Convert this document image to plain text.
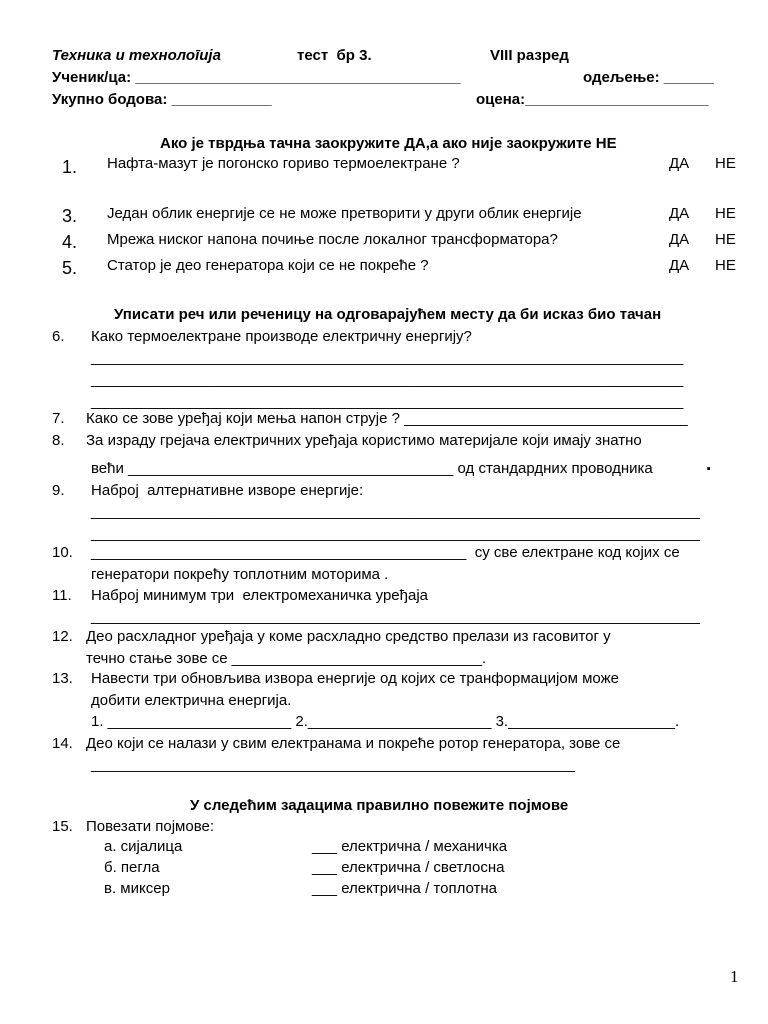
Техника и технолоīија	тест  бр 3.	VIII разред
Ученик/ца: _______________________________________	одељење: ______
Укупно бодова: ____________	оцена:______________________
Ако је тврдња тачна заокружите ДА,а ако није заокружите НЕ
1. Нафта-мазут је погонско гориво термоелектране ?	ДА НЕ
3. Један облик енергије се не може претворити у други облик енергије	ДА НЕ
4. Мрежа ниског напона почиње после локалног трансформатора?	ДА НЕ
5. Статор је део генератора који се не покреће ?	ДА НЕ
Уписати реч или реченицу на одговарајућем месту да би исказ био тачан
6. Како термоелектране производе електричну енергију?
_______________________________________________________________________
_______________________________________________________________________
_______________________________________________________________________
7. Како се зове уређај који мења напон струје ? __________________________________
8. За израду грејача електричних уређаја користимо материјале који имају знатно
већи _______________________________________ од стандардних проводника	.
9. Наброј  алтернативне изворе енергије:
_________________________________________________________________________
_________________________________________________________________________
10. _____________________________________________  су све електране код којих се
генератори покрећу топлотним моторима .
11. Наброј минимум три  електромеханичка уређаја
_________________________________________________________________________
12. Део расхладног уређаја у коме расхладно средство прелази из гасовитог у
течно стање зове се ______________________________.
13. Навести три обновљива извора енергије од којих се транформацијом може
добити електрична енергија.
1. ______________________ 2.______________________ 3.____________________.
14. Део који се налази у свим електранама и покреће ротор генератора, зове се
__________________________________________________________
У следећим задацима правилно повежите појмове
15. Повезати појмове:
а. сијалица	___ електрична / механичка
б. пегла	___ електрична / светлосна
в. миксер	___ електрична / топлотна
1
